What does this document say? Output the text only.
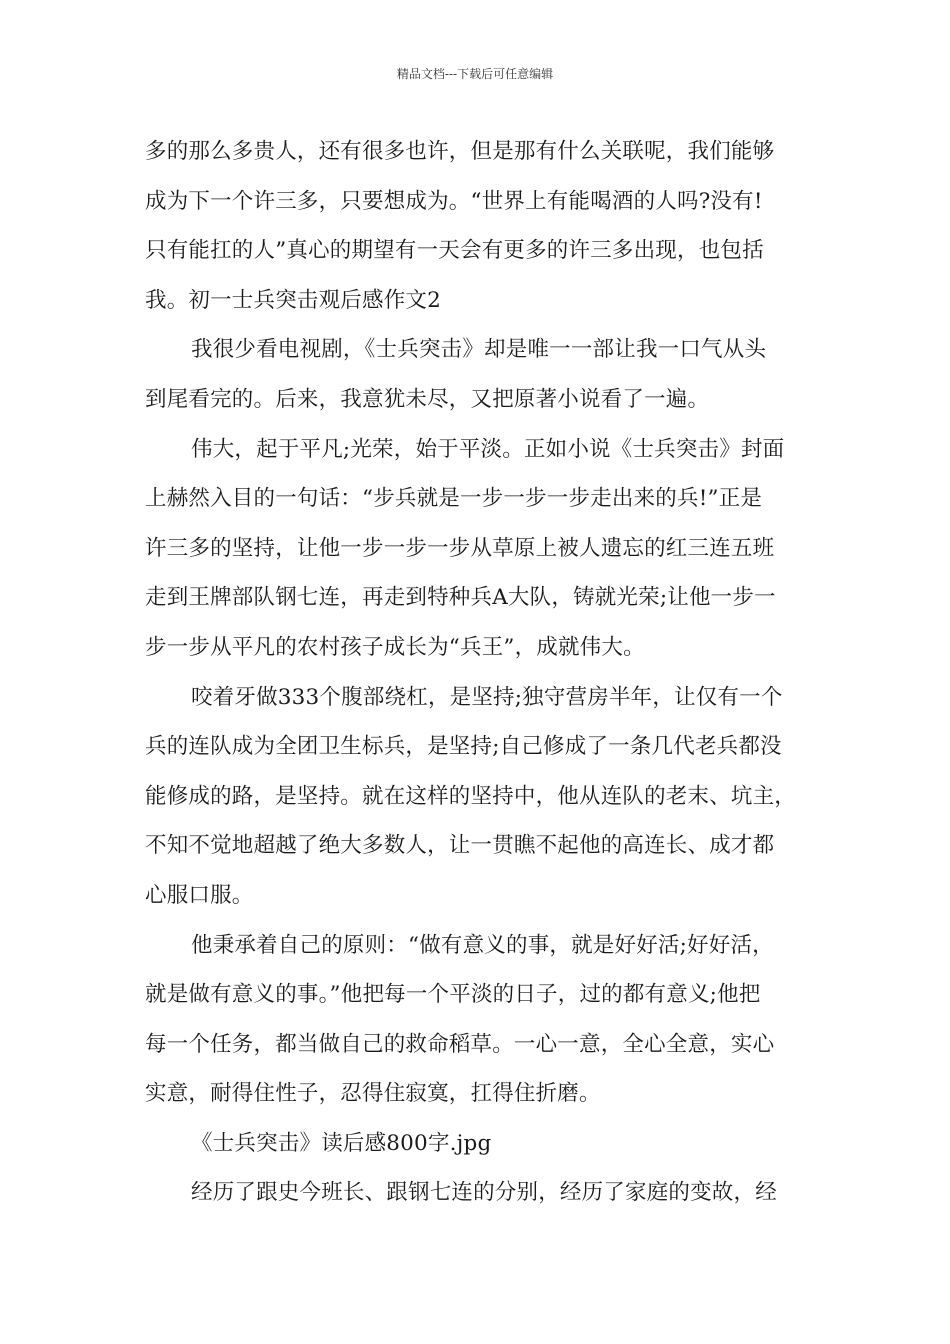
精品文档---下载后可任意编辑
多的那么多贵人，还有很多也许，但是那有什么关联呢，我们能够
成为下一个许三多，只要想成为。“世界上有能喝酒的人吗?没有!
只有能扛的人”真心的期望有一天会有更多的许三多出现，也包括
我。初一士兵突击观后感作文2
我很少看电视剧，《士兵突击》却是唯一一部让我一口气从头
到尾看完的。后来，我意犹未尽，又把原著小说看了一遍。
伟大，起于平凡;光荣，始于平淡。正如小说《士兵突击》封面
上赫然入目的一句话：“步兵就是一步一步一步走出来的兵!”正是
许三多的坚持，让他一步一步一步从草原上被人遗忘的红三连五班
走到王牌部队钢七连，再走到特种兵A大队，铸就光荣;让他一步一
步一步从平凡的农村孩子成长为“兵王”，成就伟大。
咬着牙做333个腹部绕杠，是坚持;独守营房半年，让仅有一个
兵的连队成为全团卫生标兵，是坚持;自己修成了一条几代老兵都没
能修成的路，是坚持。就在这样的坚持中，他从连队的老末、坑主，
不知不觉地超越了绝大多数人，让一贯瞧不起他的高连长、成才都
心服口服。
他秉承着自己的原则：“做有意义的事，就是好好活;好好活，
就是做有意义的事。”他把每一个平淡的日子，过的都有意义;他把
每一个任务，都当做自己的救命稻草。一心一意，全心全意，实心
实意，耐得住性子，忍得住寂寞，扛得住折磨。
《士兵突击》读后感800字.jpg
经历了跟史今班长、跟钢七连的分别，经历了家庭的变故，经
